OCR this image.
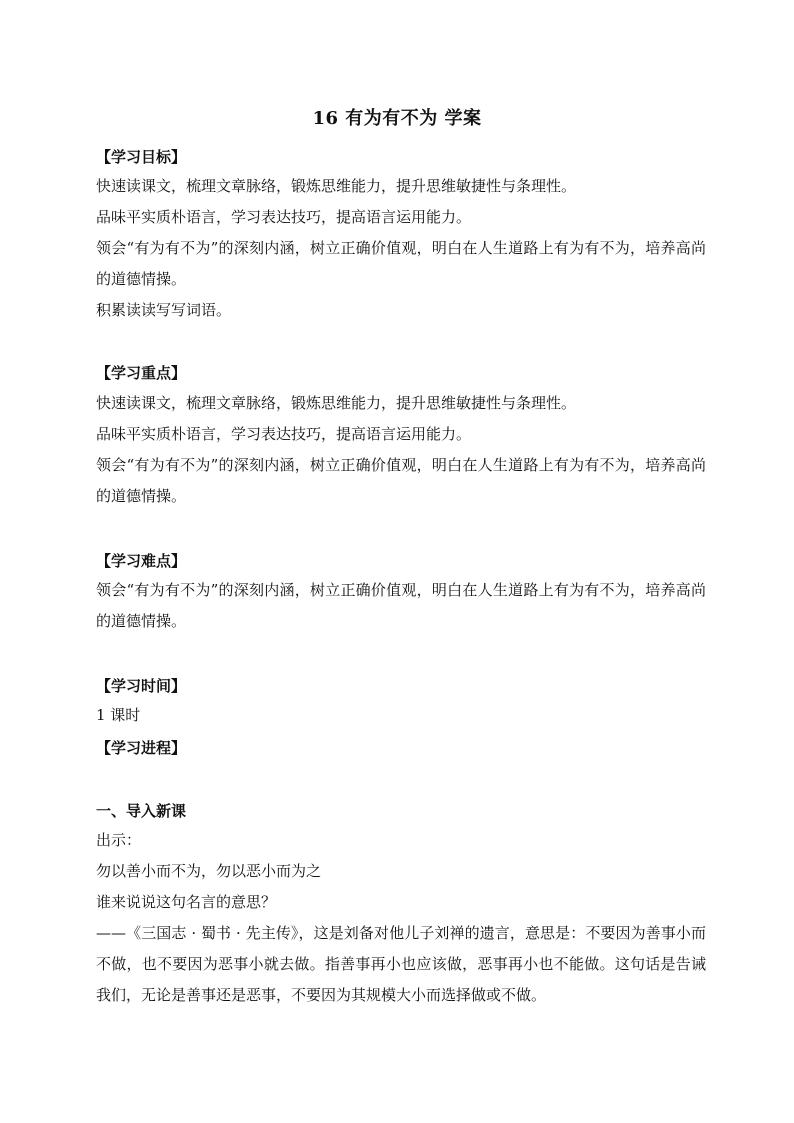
16 有为有不为 学案
【学习目标】
快速读课文，梳理文章脉络，锻炼思维能力，提升思维敏捷性与条理性。
品味平实质朴语言，学习表达技巧，提高语言运用能力。
领会“有为有不为”的深刻内涵，树立正确价值观，明白在人生道路上有为有不为，培养高尚的道德情操。
积累读读写写词语。
【学习重点】
快速读课文，梳理文章脉络，锻炼思维能力，提升思维敏捷性与条理性。
品味平实质朴语言，学习表达技巧，提高语言运用能力。
领会“有为有不为”的深刻内涵，树立正确价值观，明白在人生道路上有为有不为，培养高尚的道德情操。
【学习难点】
领会“有为有不为”的深刻内涵，树立正确价值观，明白在人生道路上有为有不为，培养高尚的道德情操。
【学习时间】
1 课时
【学习进程】
一、导入新课
出示：
勿以善小而不为，勿以恶小而为之
谁来说说这句名言的意思？
——《三国志 · 蜀书 · 先主传》，这是刘备对他儿子刘禅的遗言，意思是：不要因为善事小而不做，也不要因为恶事小就去做。指善事再小也应该做，恶事再小也不能做。这句话是告诫我们，无论是善事还是恶事，不要因为其规模大小而选择做或不做。
